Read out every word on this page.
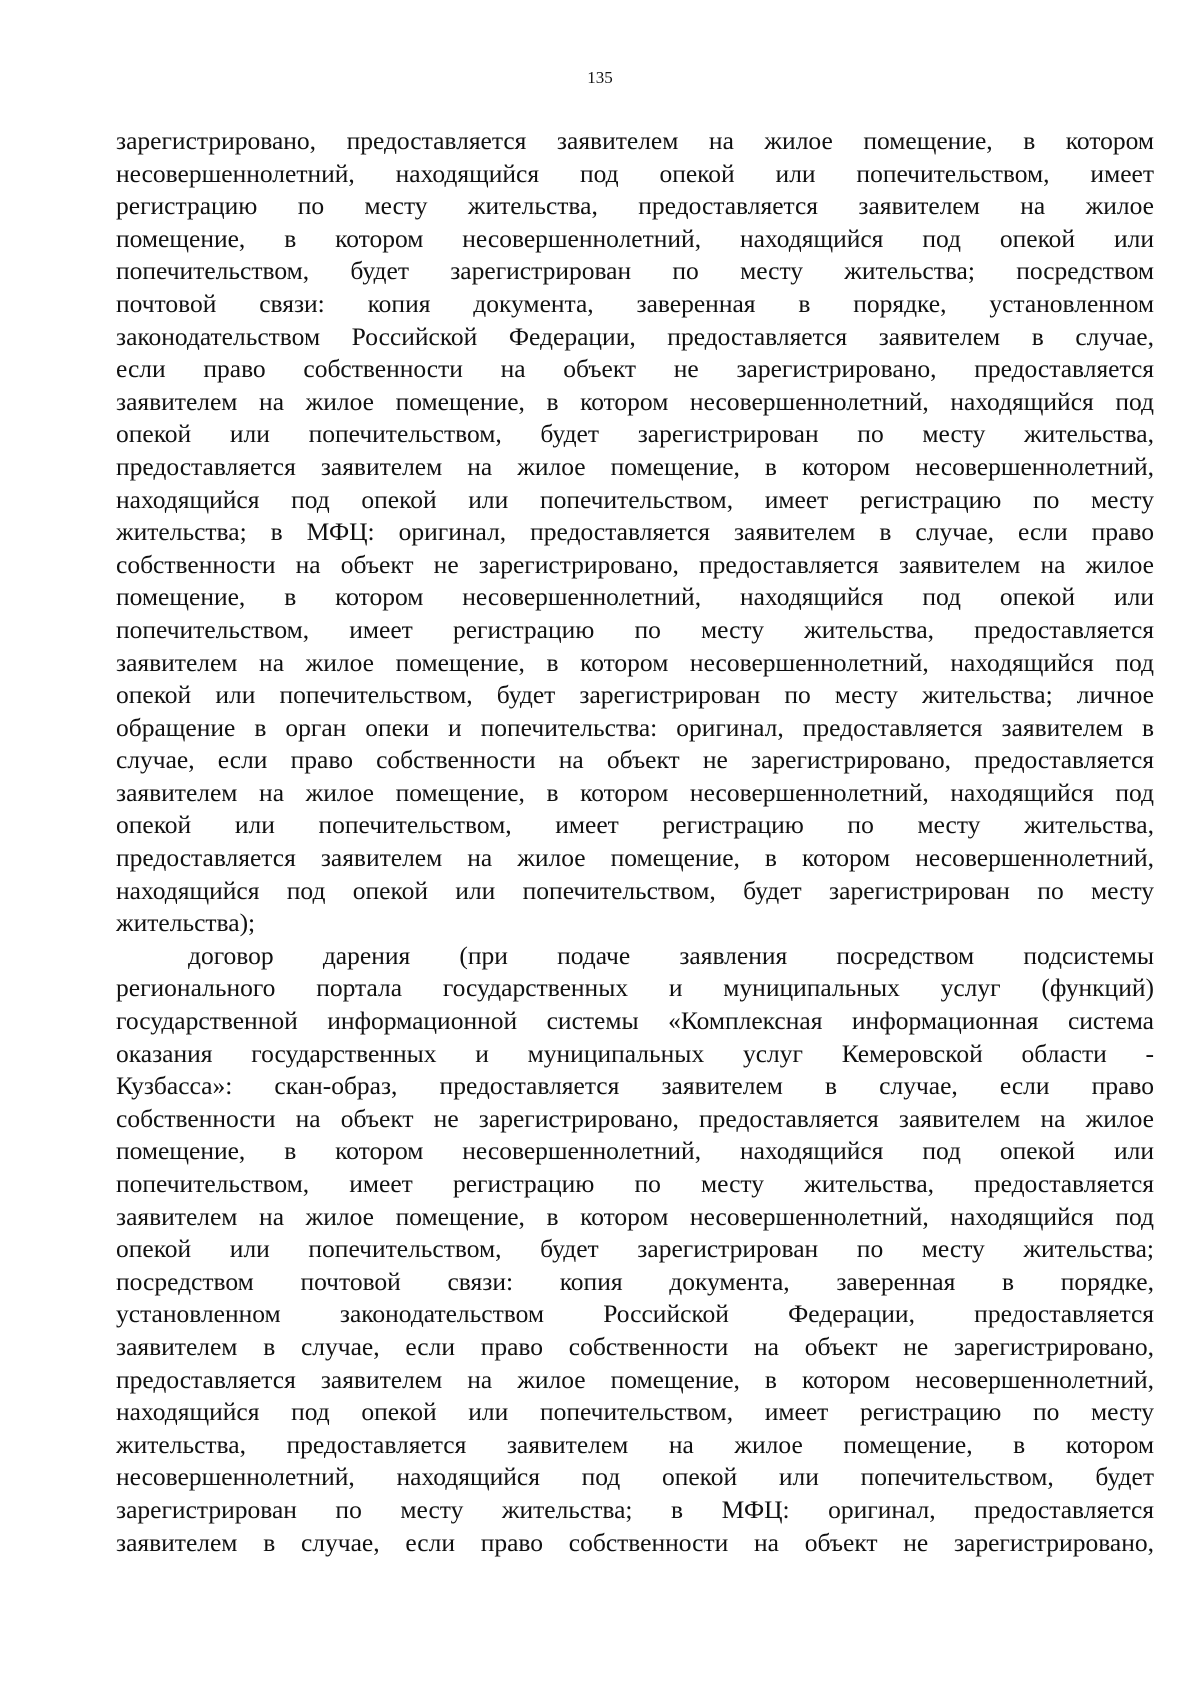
135
зарегистрировано, предоставляется заявителем на жилое помещение, в котором
несовершеннолетний, находящийся под опекой или попечительством, имеет
регистрацию по месту жительства, предоставляется заявителем на жилое
помещение, в котором несовершеннолетний, находящийся под опекой или
попечительством, будет зарегистрирован по месту жительства; посредством
почтовой связи: копия документа, заверенная в порядке, установленном
законодательством Российской Федерации, предоставляется заявителем в случае,
если право собственности на объект не зарегистрировано, предоставляется
заявителем на жилое помещение, в котором несовершеннолетний, находящийся под
опекой или попечительством, будет зарегистрирован по месту жительства,
предоставляется заявителем на жилое помещение, в котором несовершеннолетний,
находящийся под опекой или попечительством, имеет регистрацию по месту
жительства; в МФЦ: оригинал, предоставляется заявителем в случае, если право
собственности на объект не зарегистрировано, предоставляется заявителем на жилое
помещение, в котором несовершеннолетний, находящийся под опекой или
попечительством, имеет регистрацию по месту жительства, предоставляется
заявителем на жилое помещение, в котором несовершеннолетний, находящийся под
опекой или попечительством, будет зарегистрирован по месту жительства; личное
обращение в орган опеки и попечительства: оригинал, предоставляется заявителем в
случае, если право собственности на объект не зарегистрировано, предоставляется
заявителем на жилое помещение, в котором несовершеннолетний, находящийся под
опекой или попечительством, имеет регистрацию по месту жительства,
предоставляется заявителем на жилое помещение, в котором несовершеннолетний,
находящийся под опекой или попечительством, будет зарегистрирован по месту
жительства);
договор дарения (при подаче заявления посредством подсистемы
регионального портала государственных и муниципальных услуг (функций)
государственной информационной системы «Комплексная информационная система
оказания государственных и муниципальных услуг Кемеровской области -
Кузбасса»: скан-образ, предоставляется заявителем в случае, если право
собственности на объект не зарегистрировано, предоставляется заявителем на жилое
помещение, в котором несовершеннолетний, находящийся под опекой или
попечительством, имеет регистрацию по месту жительства, предоставляется
заявителем на жилое помещение, в котором несовершеннолетний, находящийся под
опекой или попечительством, будет зарегистрирован по месту жительства;
посредством почтовой связи: копия документа, заверенная в порядке,
установленном законодательством Российской Федерации, предоставляется
заявителем в случае, если право собственности на объект не зарегистрировано,
предоставляется заявителем на жилое помещение, в котором несовершеннолетний,
находящийся под опекой или попечительством, имеет регистрацию по месту
жительства, предоставляется заявителем на жилое помещение, в котором
несовершеннолетний, находящийся под опекой или попечительством, будет
зарегистрирован по месту жительства; в МФЦ: оригинал, предоставляется
заявителем в случае, если право собственности на объект не зарегистрировано,
